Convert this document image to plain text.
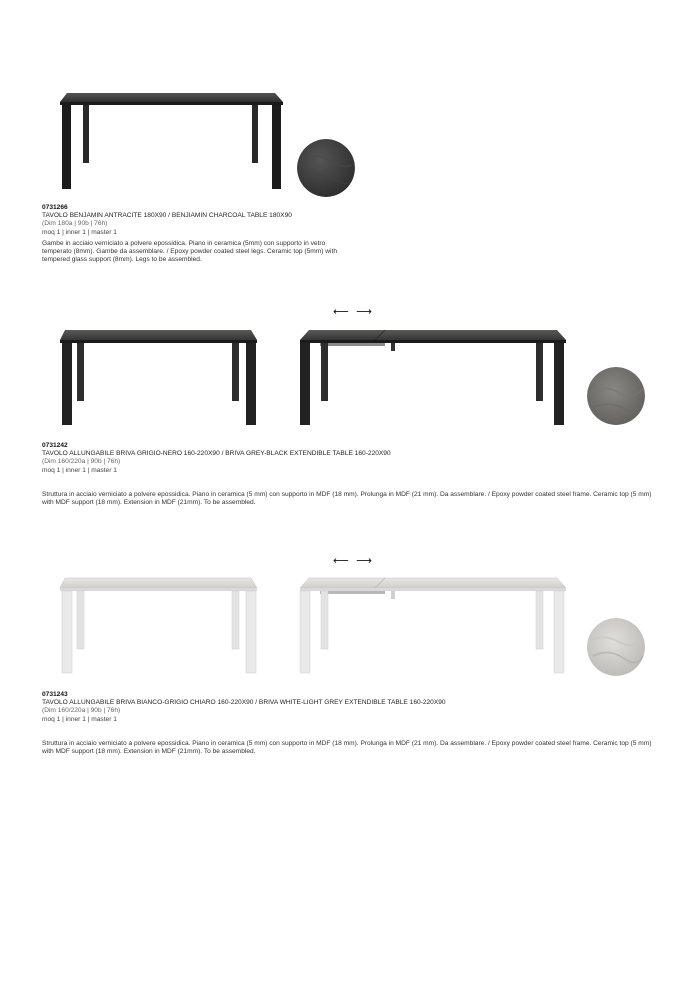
0731266
TAVOLO BENJAMIN ANTRACITE 180X90 / BENJIAMIN CHARCOAL TABLE 180X90
(Dim 180a | 90b | 76h)
moq 1 | inner 1 | master 1
Gambe in acciaio verniciato a polvere epossidica. Piano in ceramica (5mm) con supporto in vetro temperato (8mm). Gambe da assemblare. / Epoxy powder coated steel legs. Ceramic top (5mm) with tempered glass support (8mm). Legs to be assembled.
⟵ ⟶
0731242
TAVOLO ALLUNGABILE BRIVA GRIGIO-NERO 160-220X90 / BRIVA GREY-BLACK EXTENDIBLE TABLE 160-220X90
(Dim 160/220a | 90b | 76h)
moq 1 | inner 1 | master 1
Struttura in acciaio verniciato a polvere epossidica. Piano in ceramica (5 mm) con supporto in MDF (18 mm). Prolunga in MDF (21 mm). Da assemblare. / Epoxy powder coated steel frame. Ceramic top (5 mm) with MDF support (18 mm). Extension in MDF (21mm). To be assembled.
⟵ ⟶
0731243
TAVOLO ALLUNGABILE BRIVA BIANCO-GRIGIO CHIARO 160-220X90 / BRIVA WHITE-LIGHT GREY EXTENDIBLE TABLE 160-220X90
(Dim 160/220a | 90b | 76h)
moq 1 | inner 1 | master 1
Struttura in acciaio verniciato a polvere epossidica. Piano in ceramica (5 mm) con supporto in MDF (18 mm). Prolunga in MDF (21 mm). Da assemblare. / Epoxy powder coated steel frame. Ceramic top (5 mm) with MDF support (18 mm). Extension in MDF (21mm). To be assembled.
